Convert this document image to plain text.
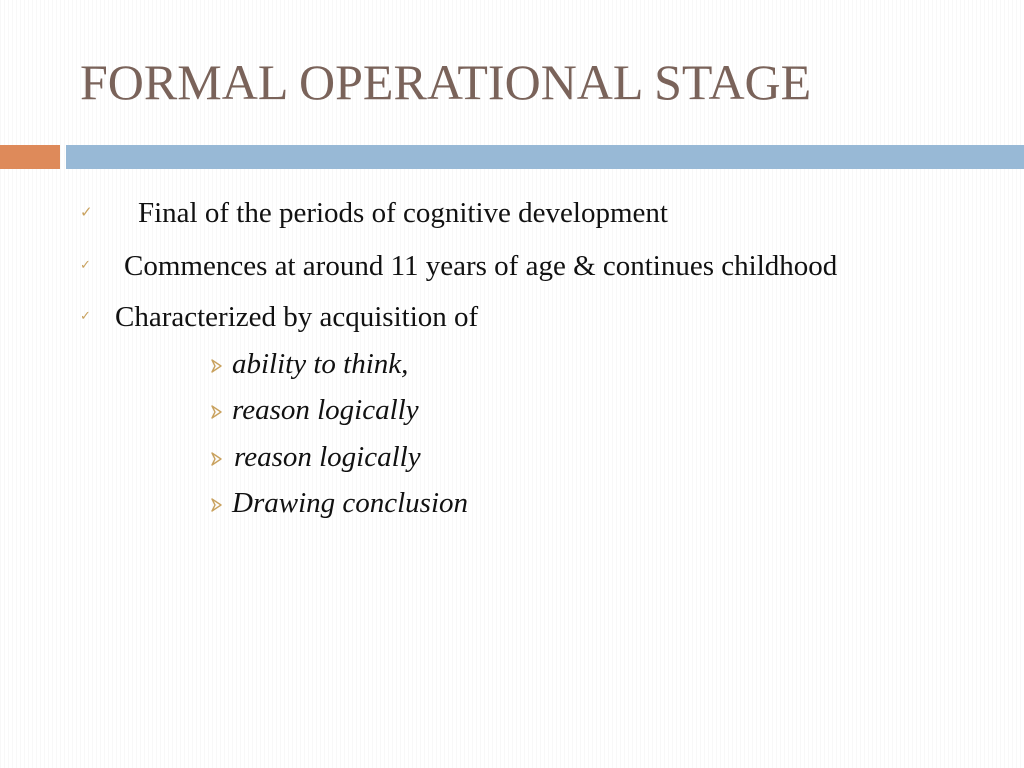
FORMAL OPERATIONAL STAGE
✓ Final of the periods of cognitive development
✓ Commences at around 11 years of age & continues childhood
✓ Characterized by acquisition of
ability to think,
reason logically
reason logically
Drawing conclusion
